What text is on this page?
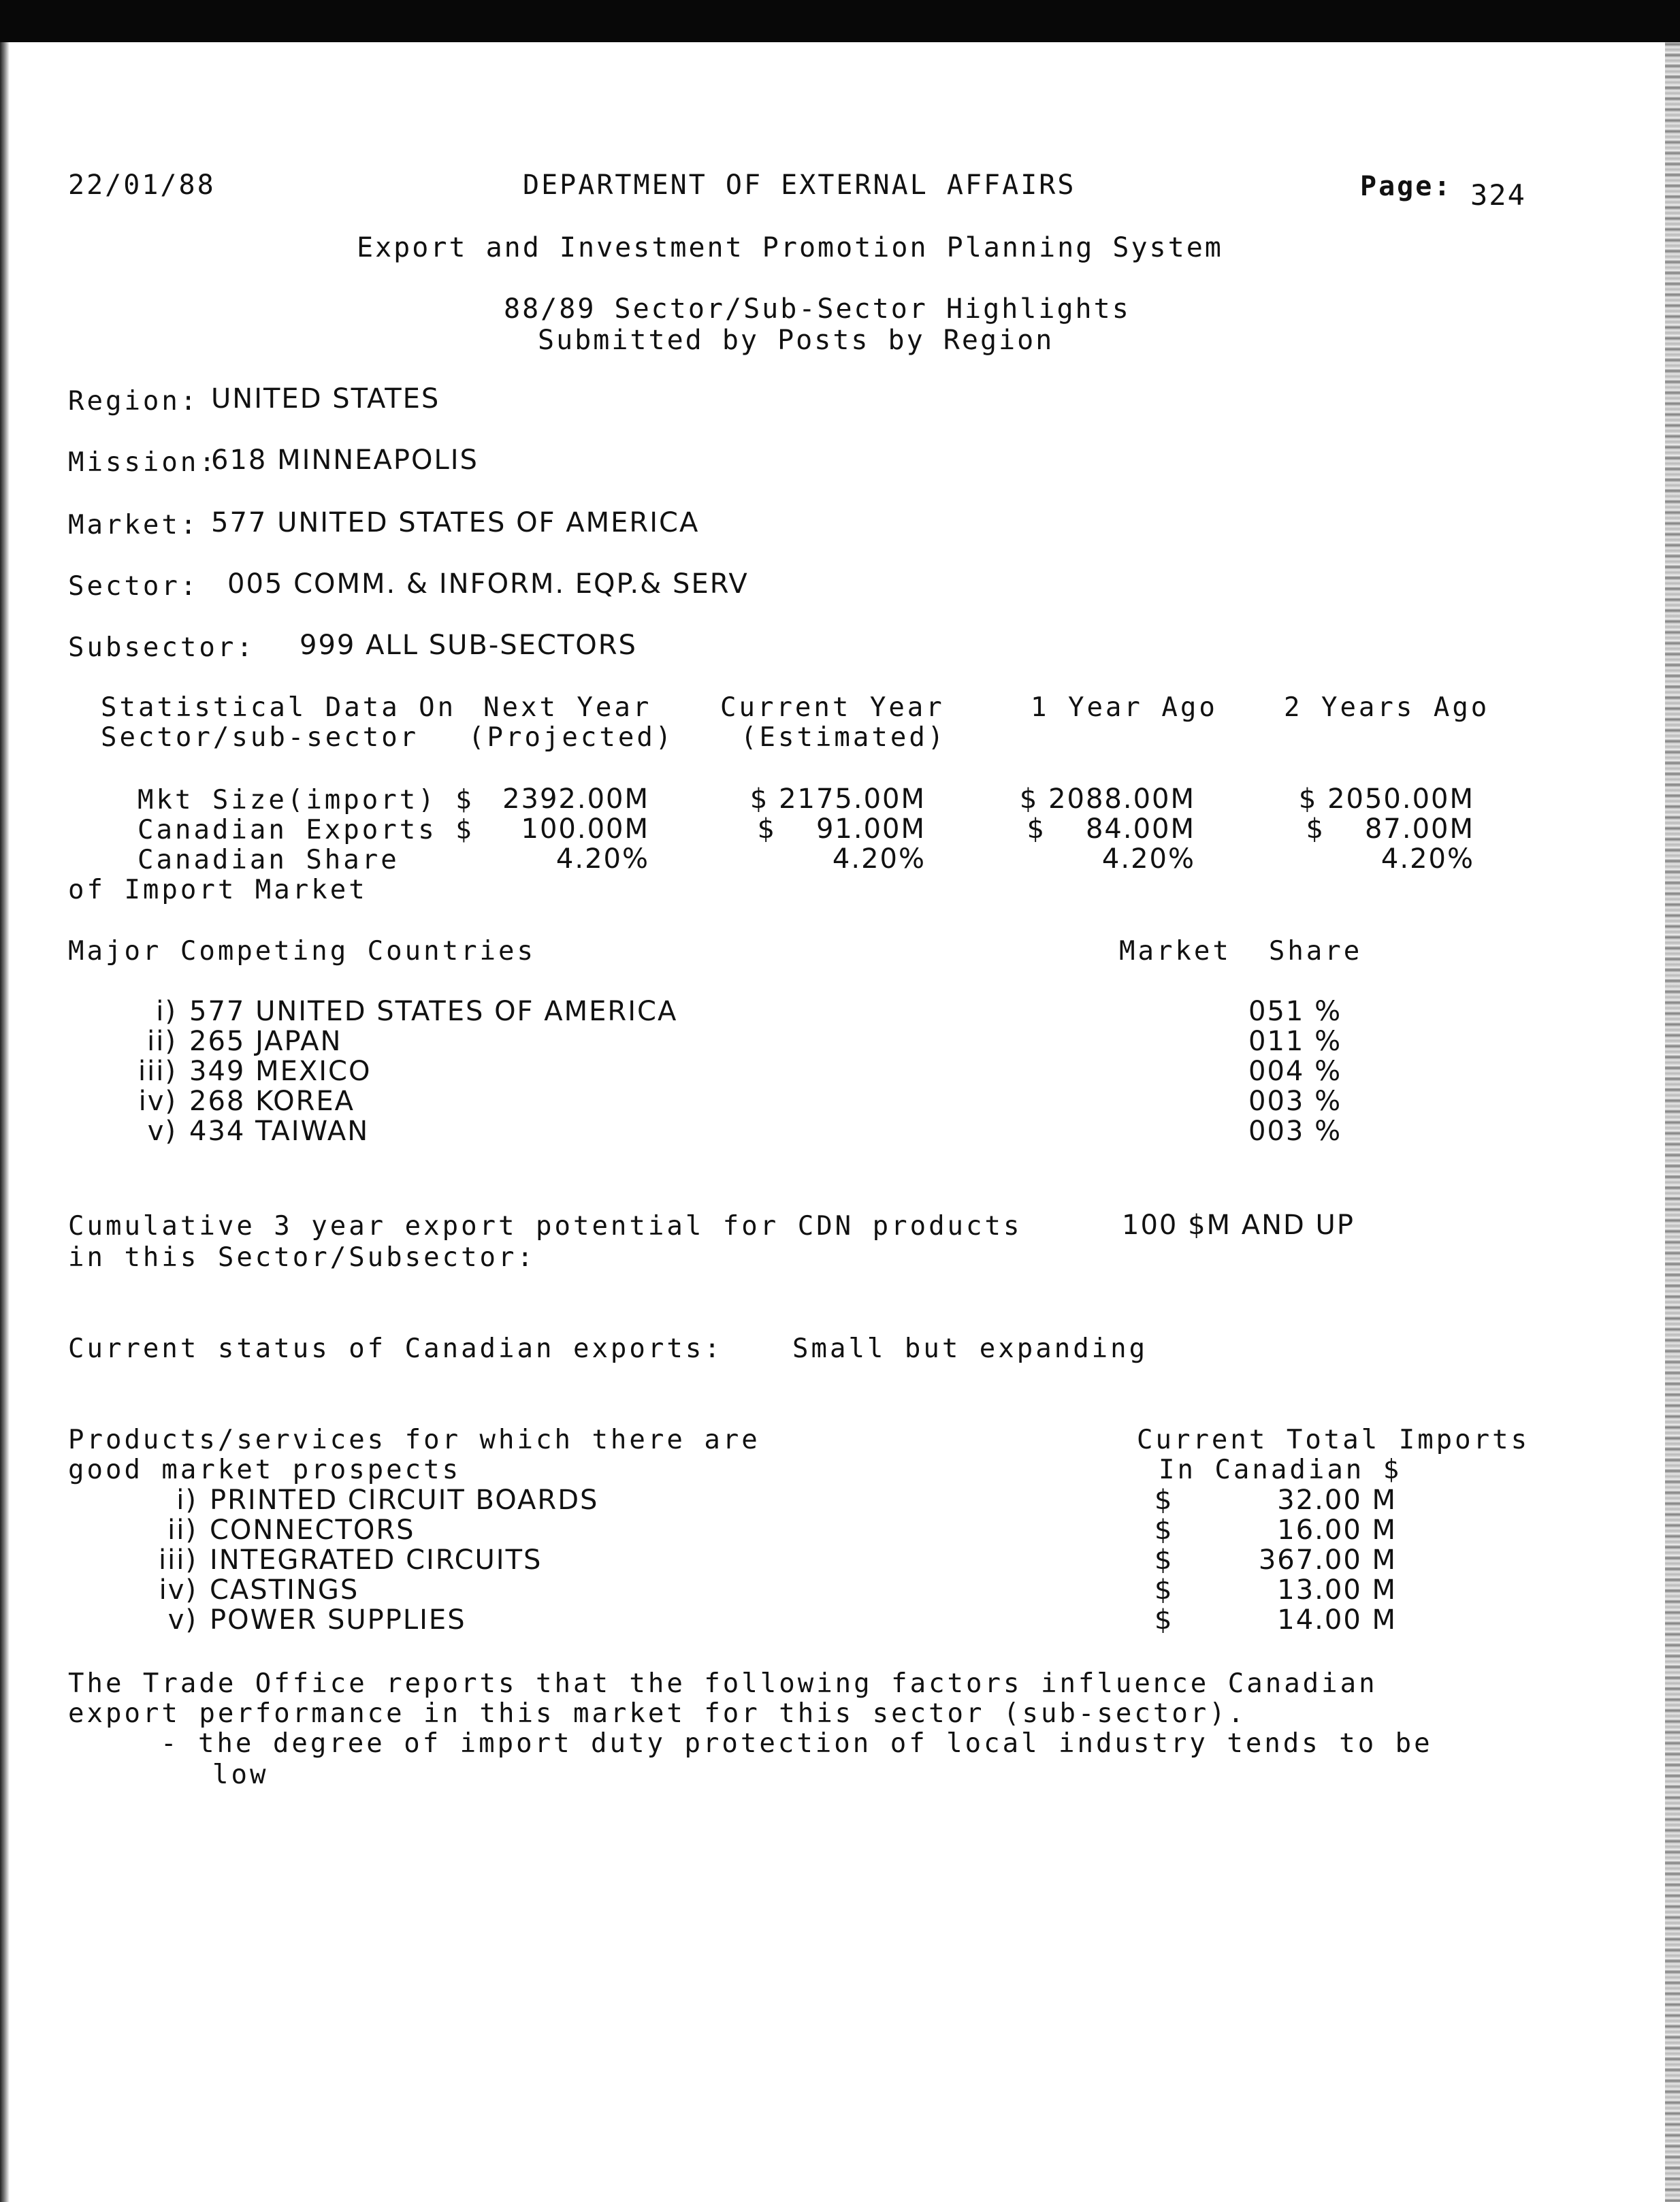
22/01/88	DEPARTMENT OF EXTERNAL AFFAIRS	Page: 324
Export and Investment Promotion Planning System
88/89 Sector/Sub-Sector Highlights
Submitted by Posts by Region
Region: UNITED STATES
Mission:
618 MINNEAPOLIS
Market: 577 UNITED STATES OF AMERICA
Sector: 005 COMM. & INFORM. EQP.& SERV
Subsector: 999 ALL SUB-SECTORS
Statistical Data On Next Year	Current Year	1 Year Ago 2 Years Ago
Sector/sub-sector (Projected)	(Estimated)
Mkt Size(import) $	2392.00M	$ 2175.00M	$ 2088.00M	$ 2050.00M
Canadian Exports $	100.00M	$    91.00M	$    84.00M	$    87.00M
Canadian Share	4.20%	4.20%	4.20%	4.20%
of Import Market
Major Competing Countries	Market  Share
i) 577 UNITED STATES OF AMERICA	051 %
ii) 265 JAPAN	011 %
iii) 349 MEXICO	004 %
iv) 268 KOREA	003 %
v) 434 TAIWAN	003 %
Cumulative 3 year export potential for CDN products
in this Sector/Subsector:
100 $M AND UP
Current status of Canadian exports:	Small but expanding
Products/services for which there are
good market prospects
Current Total Imports
In Canadian $
i) PRINTED CIRCUIT BOARDS	$	32.00 M
ii) CONNECTORS	$	16.00 M
iii) INTEGRATED CIRCUITS	$	367.00 M
iv) CASTINGS	$	13.00 M
v) POWER SUPPLIES	$	14.00 M
The Trade Office reports that the following factors influence Canadian
export performance in this market for this sector (sub-sector).
- the degree of import duty protection of local industry tends to be
low
